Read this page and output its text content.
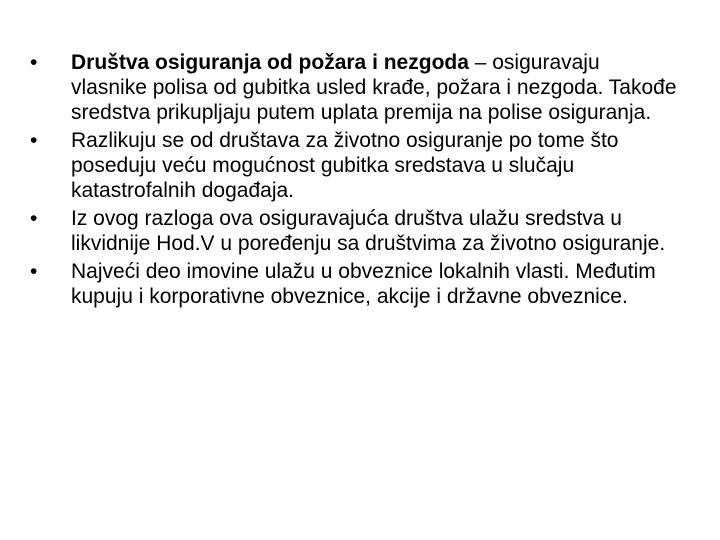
•	Društva osiguranja od požara i nezgoda – osiguravaju vlasnike polisa od gubitka usled krađe, požara i nezgoda. Takođe sredstva prikupljaju putem uplata premija na polise osiguranja.
•	Razlikuju se od društava za životno osiguranje po tome što poseduju veću mogućnost gubitka sredstava u slučaju katastrofalnih događaja.
•	Iz ovog razloga ova osiguravajuća društva ulažu sredstva u likvidnije Hod.V u poređenju sa društvima za životno osiguranje.
•	Najveći deo imovine ulažu u obveznice lokalnih vlasti. Međutim kupuju i korporativne obveznice, akcije i državne obveznice.
